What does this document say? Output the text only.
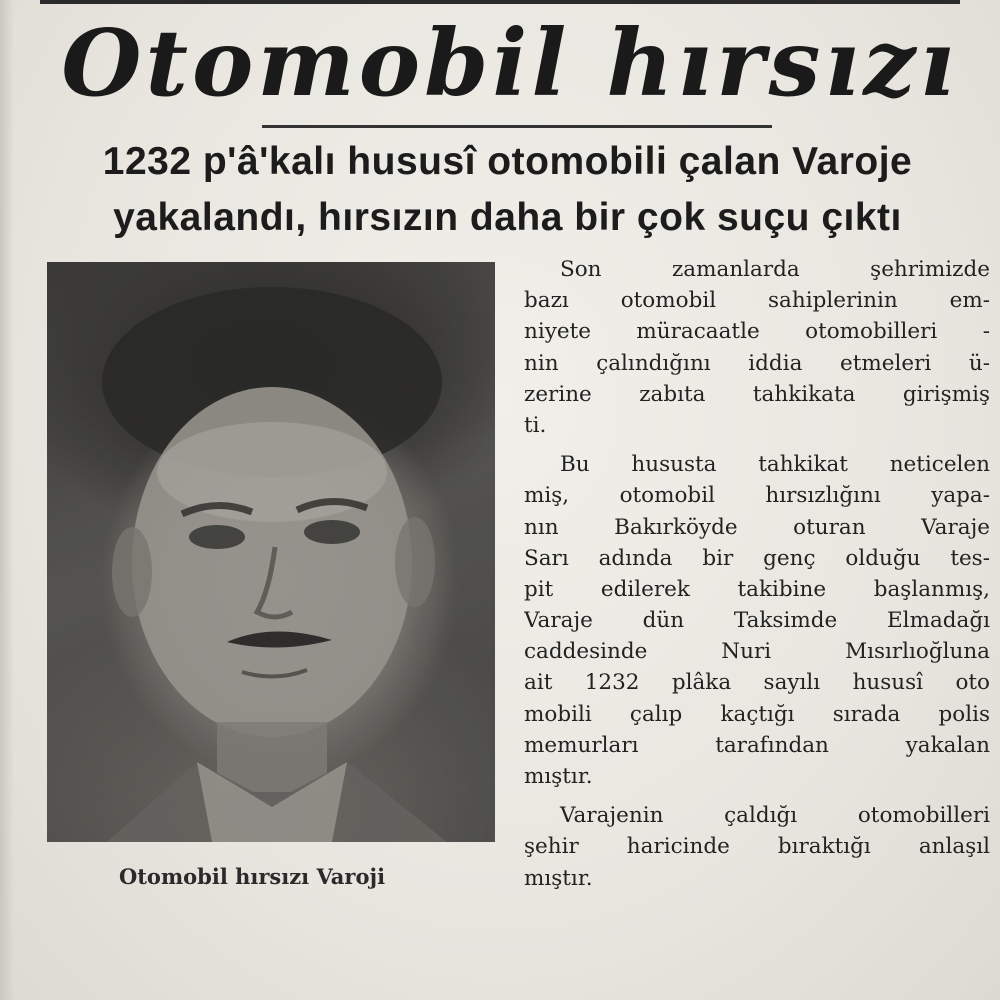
Otomobil hırsızı
1232 p'â'kalı hususî otomobili çalan Varoje
yakalandı, hırsızın daha bir çok suçu çıktı

Otomobil hırsızı Varoji

Son zamanlarda şehrimizde
bazı otomobil sahiplerinin em-
niyete müracaatle otomobilleri -
nin çalındığını iddia etmeleri ü-
zerine zabıta tahkikata girişmiş
ti.
Bu hususta tahkikat neticelen
miş, otomobil hırsızlığını yapa-
nın Bakırköyde oturan Varaje
Sarı adında bir genç olduğu tes-
pit edilerek takibine başlanmış,
Varaje dün Taksimde Elmadağı
caddesinde Nuri Mısırlıoğluna
ait 1232 plâka sayılı hususî oto
mobili çalıp kaçtığı sırada polis
memurları tarafından yakalan
mıştır.
Varajenin çaldığı otomobilleri
şehir haricinde bıraktığı anlaşıl
mıştır.
